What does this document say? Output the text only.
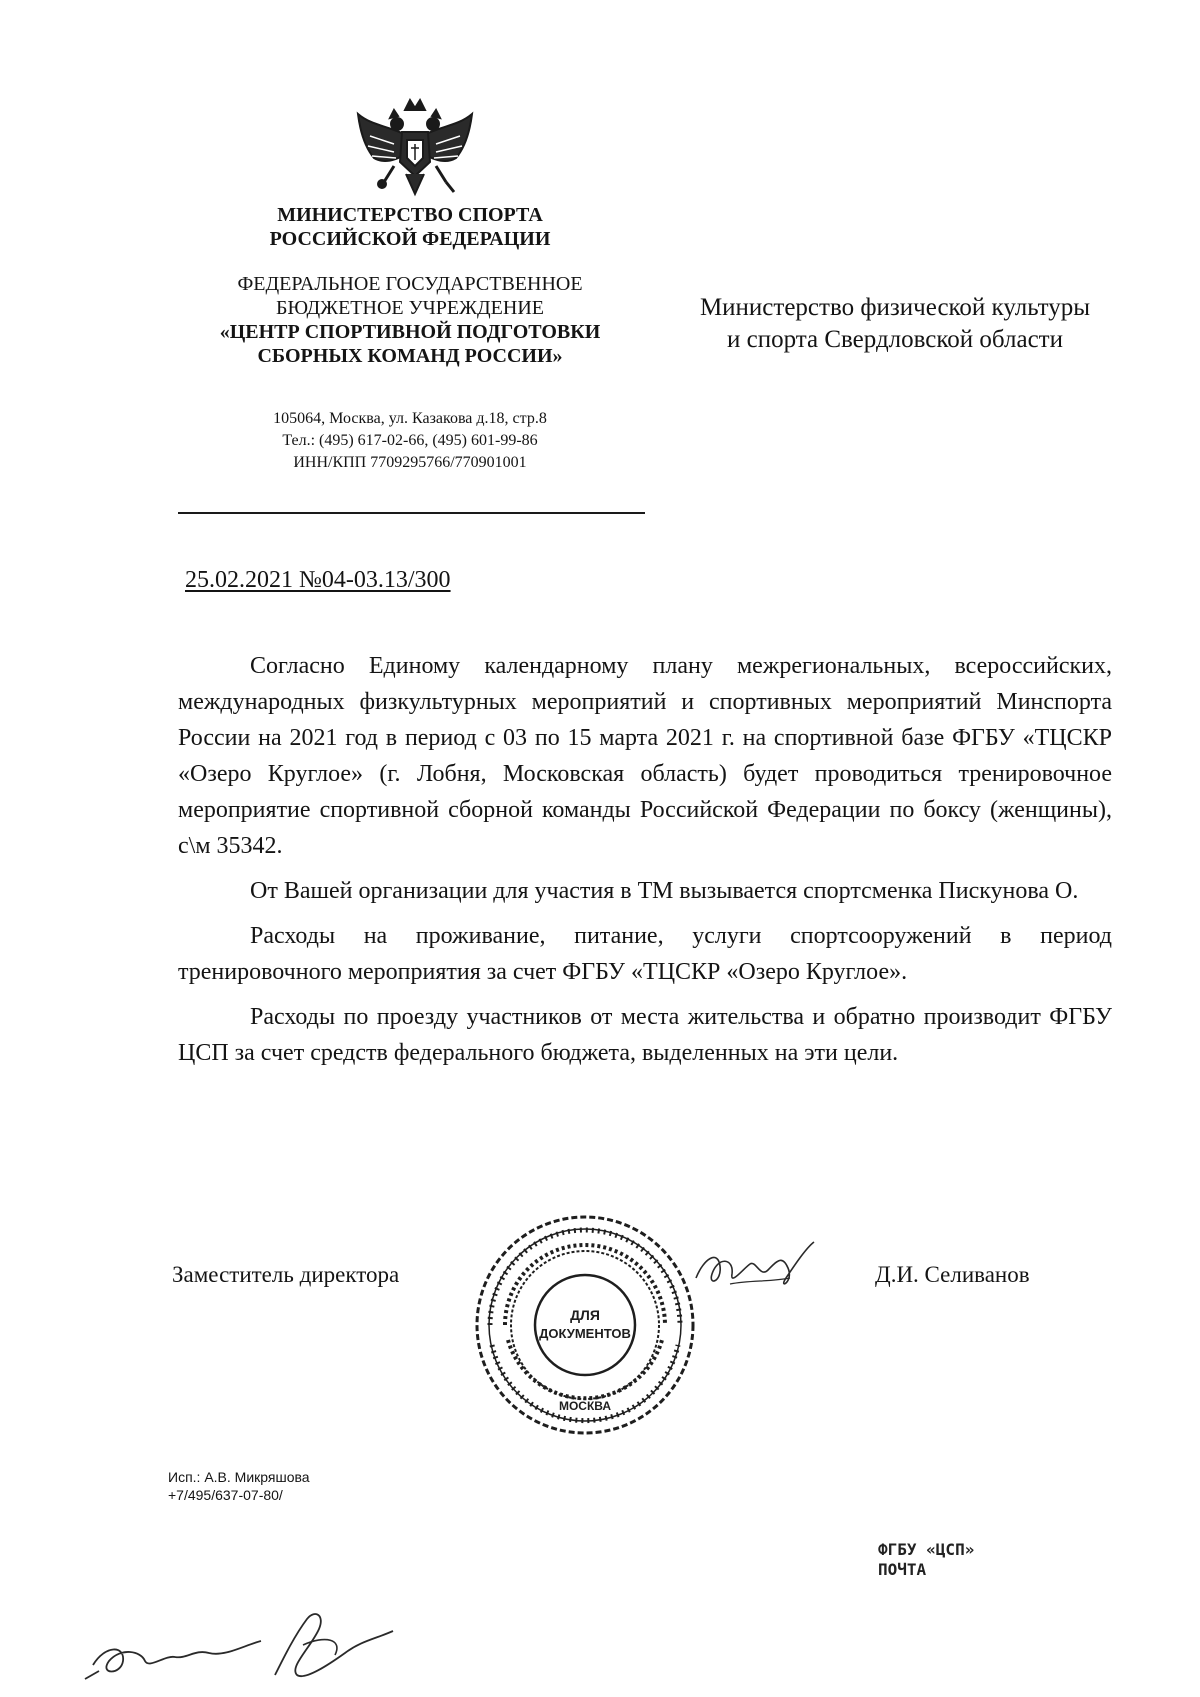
МИНИСТЕРСТВО СПОРТА
РОССИЙСКОЙ ФЕДЕРАЦИИ
ФЕДЕРАЛЬНОЕ ГОСУДАРСТВЕННОЕ
БЮДЖЕТНОЕ УЧРЕЖДЕНИЕ
«ЦЕНТР СПОРТИВНОЙ ПОДГОТОВКИ
СБОРНЫХ КОМАНД РОССИИ»
105064, Москва, ул. Казакова д.18, стр.8
Тел.: (495) 617-02-66, (495) 601-99-86
ИНН/КПП 7709295766/770901001
Министерство физической культуры
и спорта Свердловской области
25.02.2021 №04-03.13/300

Согласно Единому календарному плану межрегиональных, всероссийских, международных физкультурных мероприятий и спортивных мероприятий Минспорта России на 2021 год в период с 03 по 15 марта 2021 г. на спортивной базе ФГБУ «ТЦСКР «Озеро Круглое» (г. Лобня, Московская область) будет проводиться тренировочное мероприятие спортивной сборной команды Российской Федерации по боксу (женщины), с\м 35342.

От Вашей организации для участия в ТМ вызывается спортсменка Пискунова О.

Расходы на проживание, питание, услуги спортсооружений в период тренировочного мероприятия за счет ФГБУ «ТЦСКР «Озеро Круглое».

Расходы по проезду участников от места жительства и обратно производит ФГБУ ЦСП за счет средств федерального бюджета, выделенных на эти цели.

Заместитель директора	Д.И. Селиванов
ДЛЯ
ДОКУМЕНТОВ
МОСКВА
Исп.: А.В. Микряшова
+7/495/637-07-80/
ФГБУ «ЦСП»
ПОЧТА
